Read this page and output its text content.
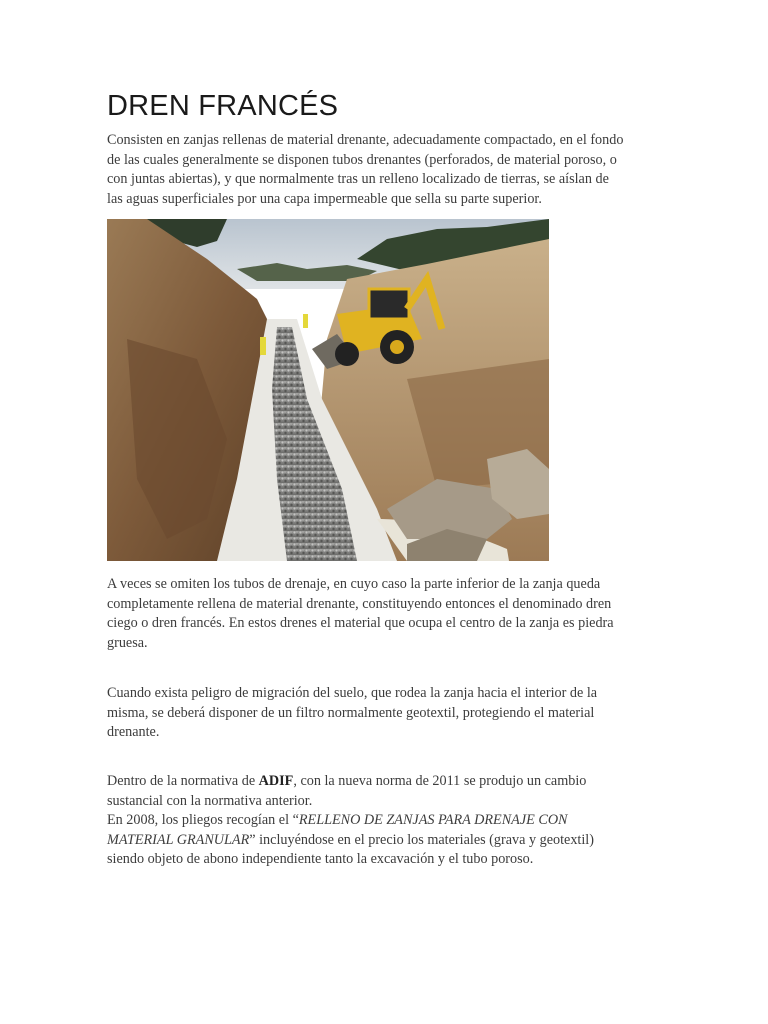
DREN FRANCÉS

Consisten en zanjas rellenas de material drenante, adecuadamente compactado, en el fondo
de las cuales generalmente se disponen tubos drenantes (perforados, de material poroso, o
con juntas abiertas), y que normalmente tras un relleno localizado de tierras, se aíslan de
las aguas superficiales por una capa impermeable que sella su parte superior.

A veces se omiten los tubos de drenaje, en cuyo caso la parte inferior de la zanja queda
completamente rellena de material drenante, constituyendo entonces el denominado dren
ciego o dren francés. En estos drenes el material que ocupa el centro de la zanja es piedra
gruesa.

Cuando exista peligro de migración del suelo, que rodea la zanja hacia el interior de la
misma, se deberá disponer de un filtro normalmente geotextil, protegiendo el material
drenante.

Dentro de la normativa de ADIF, con la nueva norma de 2011 se produjo un cambio
sustancial con la normativa anterior.
En 2008, los pliegos recogían el “RELLENO DE ZANJAS PARA DRENAJE CON
MATERIAL GRANULAR” incluyéndose en el precio los materiales (grava y geotextil)
siendo objeto de abono independiente tanto la excavación y el tubo poroso.
